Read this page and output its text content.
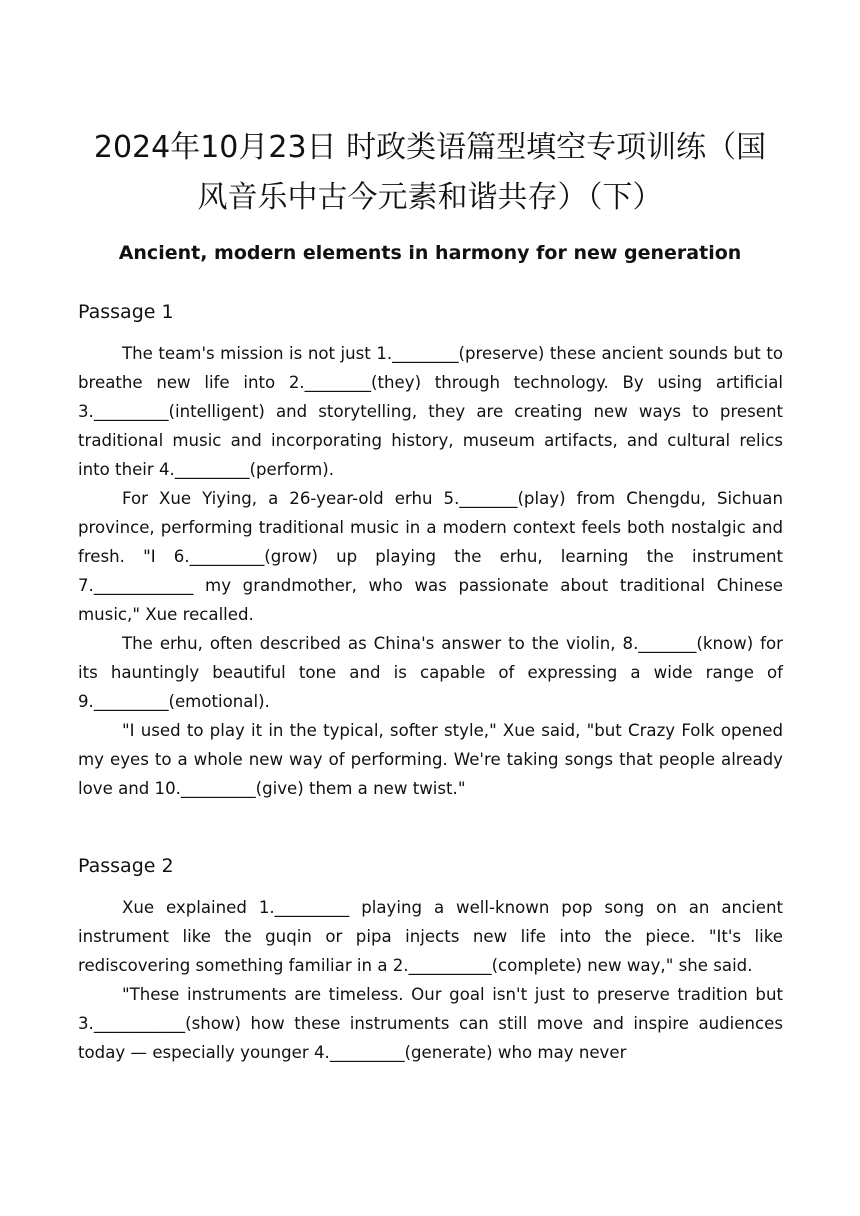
2024年10月23日 时政类语篇型填空专项训练（国
风音乐中古今元素和谐共存）（下）
Ancient, modern elements in harmony for new generation
Passage 1

The team's mission is not just 1.________(preserve) these ancient sounds but to breathe new life into 2.________(they) through technology. By using artificial 3._________(intelligent) and storytelling, they are creating new ways to present traditional music and incorporating history, museum artifacts, and cultural relics into their 4._________(perform).

For Xue Yiying, a 26-year-old erhu 5._______(play) from Chengdu, Sichuan province, performing traditional music in a modern context feels both nostalgic and fresh. "I 6._________(grow) up playing the erhu, learning the instrument 7.____________ my grandmother, who was passionate about traditional Chinese music," Xue recalled.

The erhu, often described as China's answer to the violin, 8._______(know) for its hauntingly beautiful tone and is capable of expressing a wide range of 9._________(emotional).

"I used to play it in the typical, softer style," Xue said, "but Crazy Folk opened my eyes to a whole new way of performing. We're taking songs that people already love and 10._________(give) them a new twist."

Passage 2

Xue explained 1._________ playing a well-known pop song on an ancient instrument like the guqin or pipa injects new life into the piece. "It's like rediscovering something familiar in a 2.__________(complete) new way," she said.

"These instruments are timeless. Our goal isn't just to preserve tradition but 3.___________(show) how these instruments can still move and inspire audiences today — especially younger 4._________(generate) who may never
